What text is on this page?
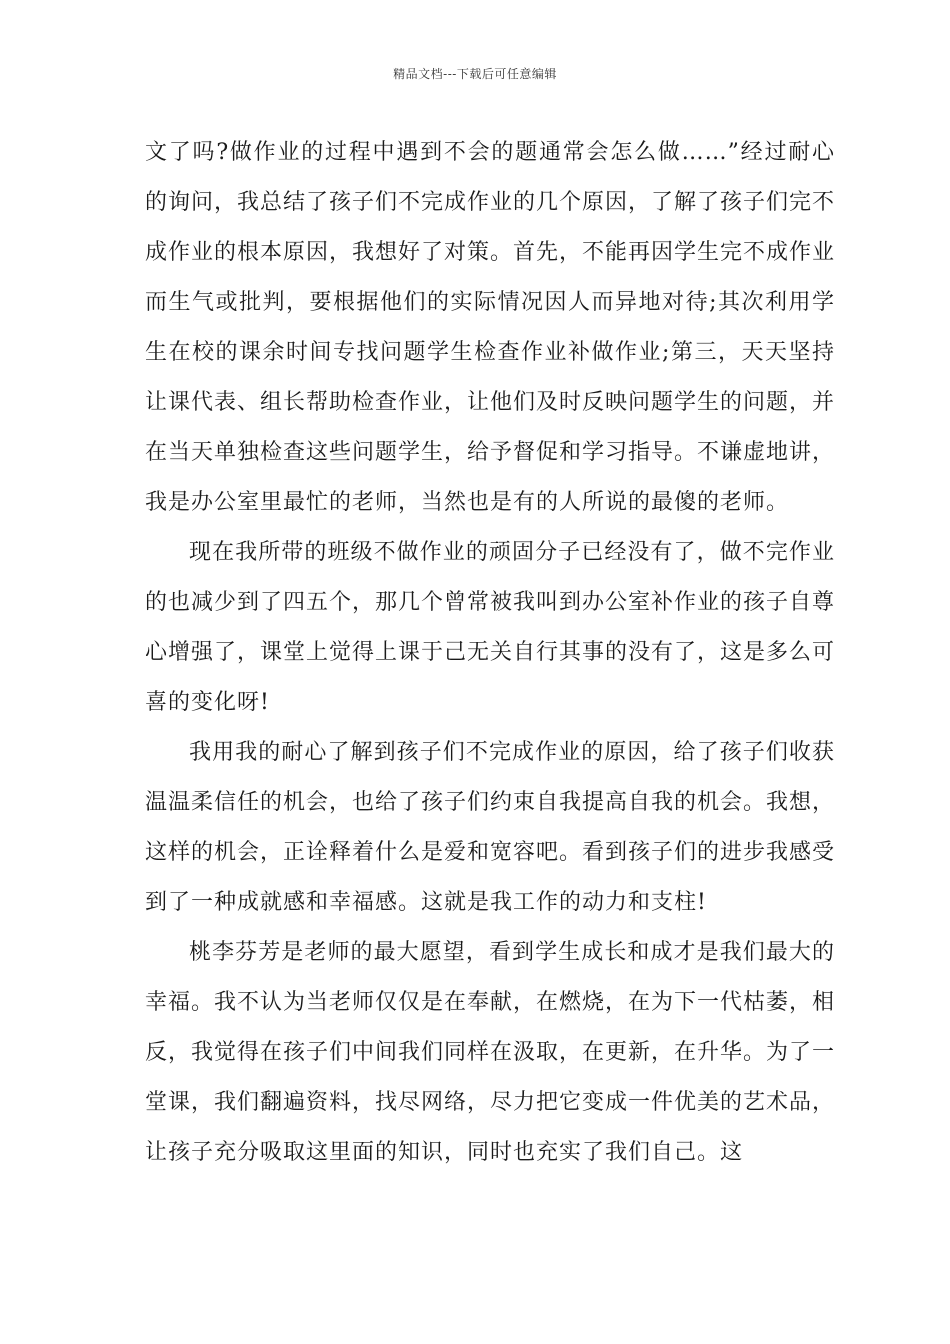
精品文档---下载后可任意编辑

文了吗?做作业的过程中遇到不会的题通常会怎么做……”经过耐心的询问，我总结了孩子们不完成作业的几个原因，了解了孩子们完不成作业的根本原因，我想好了对策。首先，不能再因学生完不成作业而生气或批判，要根据他们的实际情况因人而异地对待;其次利用学生在校的课余时间专找问题学生检查作业补做作业;第三，天天坚持让课代表、组长帮助检查作业，让他们及时反映问题学生的问题，并在当天单独检查这些问题学生，给予督促和学习指导。不谦虚地讲，我是办公室里最忙的老师，当然也是有的人所说的最傻的老师。

现在我所带的班级不做作业的顽固分子已经没有了，做不完作业的也减少到了四五个，那几个曾常被我叫到办公室补作业的孩子自尊心增强了，课堂上觉得上课于己无关自行其事的没有了，这是多么可喜的变化呀!

我用我的耐心了解到孩子们不完成作业的原因，给了孩子们收获温温柔信任的机会，也给了孩子们约束自我提高自我的机会。我想，这样的机会，正诠释着什么是爱和宽容吧。看到孩子们的进步我感受到了一种成就感和幸福感。这就是我工作的动力和支柱!

桃李芬芳是老师的最大愿望，看到学生成长和成才是我们最大的幸福。我不认为当老师仅仅是在奉献，在燃烧，在为下一代枯萎，相反，我觉得在孩子们中间我们同样在汲取，在更新，在升华。为了一堂课，我们翻遍资料，找尽网络，尽力把它变成一件优美的艺术品，让孩子充分吸取这里面的知识，同时也充实了我们自己。这
